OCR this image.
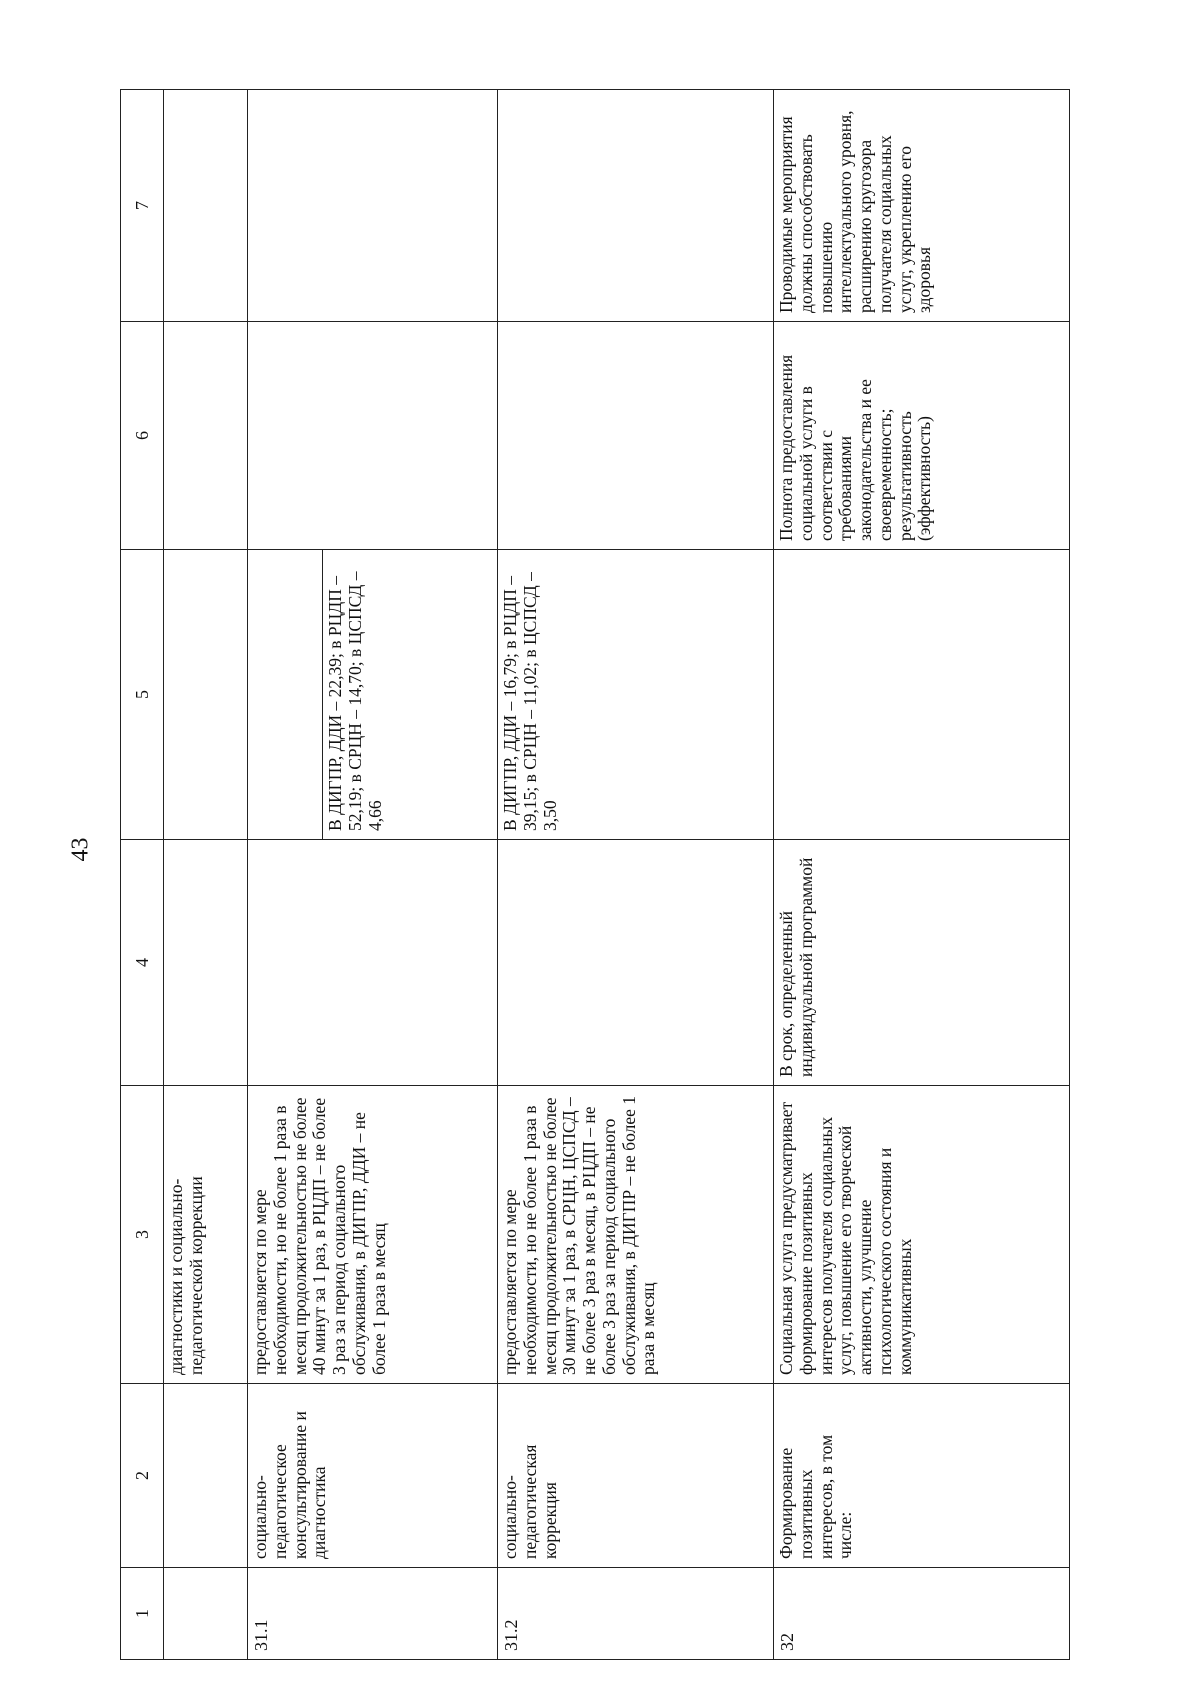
43
1	2	3	4	5	6	7
		диагностики и социально-педагогической коррекции				
31.1	социально-педагогическое консультирование и диагностика	предоставляется по мере необходимости, но не более 1 раза в месяц продолжительностью не более 40 минут за 1 раз, в РЦДП – не более 3 раз за период социального обслуживания, в ДИГПР, ДДИ – не более 1 раза в месяц		В ДИГПР, ДДИ – 22,39; в РЦДП – 52,19; в СРЦН – 14,70; в ЦСПСД – 4,66		

31.2	социально-педагогическая коррекция	предоставляется по мере необходимости, но не более 1 раза в месяц продолжительностью не более 30 минут за 1 раз, в СРЦН, ЦСПСД – не более 3 раз в месяц, в РЦДП – не более 3 раз за период социального обслуживания, в ДИГПР – не более 1 раза в месяц		В ДИГПР, ДДИ – 16,79; в РЦДП – 39,15; в СРЦН – 11,02; в ЦСПСД – 3,50		
32	Формирование позитивных интересов, в том числе:	Социальная услуга предусматривает формирование позитивных интересов получателя социальных услуг, повышение его творческой активности, улучшение психологического состояния и коммуникативных	В срок, определенный индивидуальной программой		Полнота предоставления социальной услуги в соответствии с требованиями законодательства и ее своевременность; результативность (эффективность)	Проводимые мероприятия должны способствовать повышению интеллектуального уровня, расширению кругозора получателя социальных услуг, укреплению его здоровья
